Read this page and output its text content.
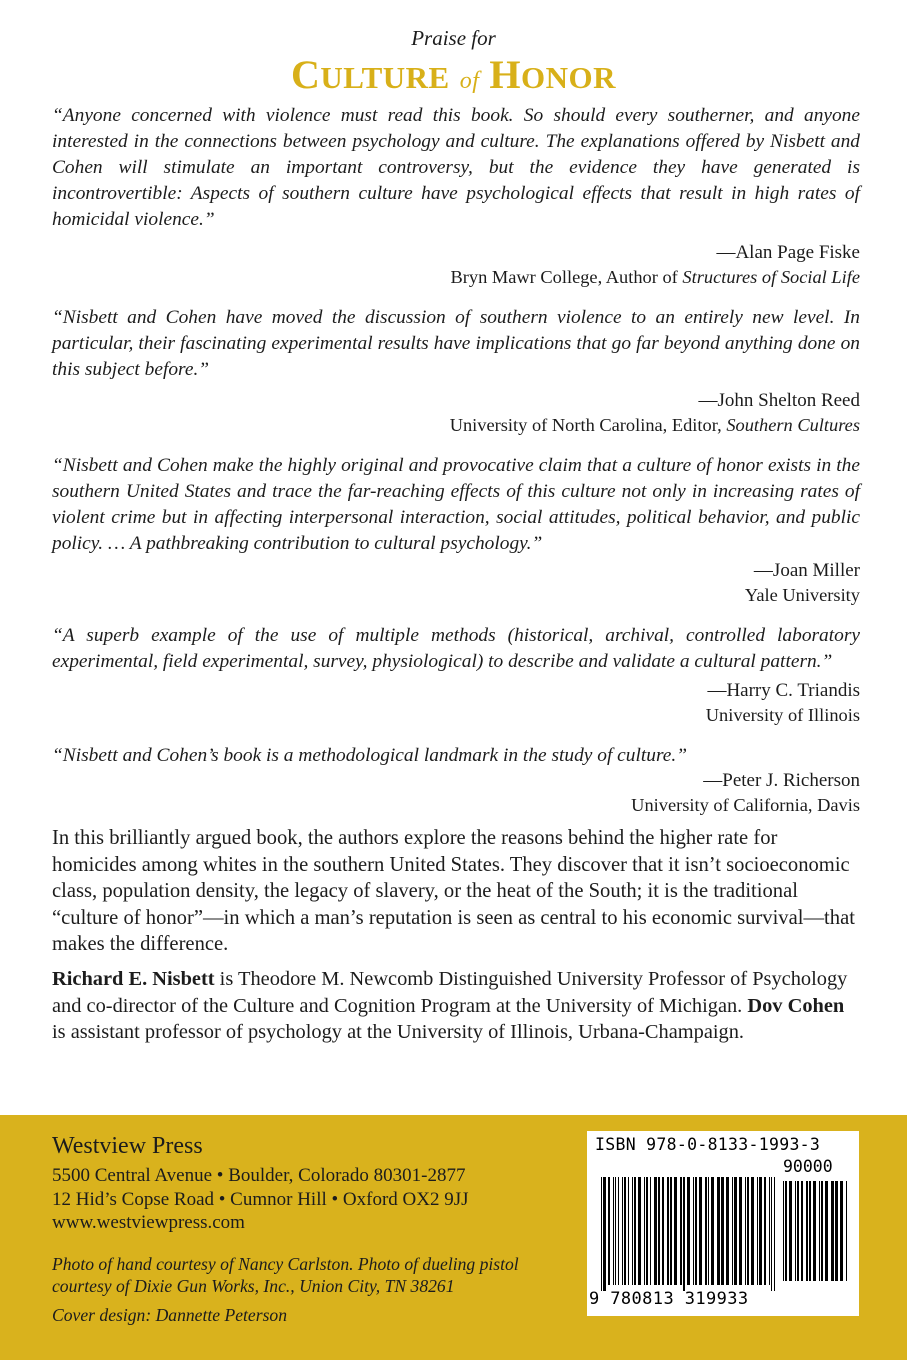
Praise for
CULTURE of HONOR
“Anyone concerned with violence must read this book. So should every southerner, and anyone interested in the connections between psychology and culture. The explanations offered by Nisbett and Cohen will stimulate an important controversy, but the evidence they have generated is incontrovertible: Aspects of southern culture have psychological effects that result in high rates of homicidal violence.”
—Alan Page Fiske
Bryn Mawr College, Author of Structures of Social Life
“Nisbett and Cohen have moved the discussion of southern violence to an entirely new level. In particular, their fascinating experimental results have implications that go far beyond anything done on this subject before.”
—John Shelton Reed
University of North Carolina, Editor, Southern Cultures
“Nisbett and Cohen make the highly original and provocative claim that a culture of honor exists in the southern United States and trace the far-reaching effects of this culture not only in increasing rates of violent crime but in affecting interpersonal interaction, social attitudes, political behavior, and public policy. … A pathbreaking contribution to cultural psychology.”
—Joan Miller
Yale University
“A superb example of the use of multiple methods (historical, archival, controlled laboratory experimental, field experimental, survey, physiological) to describe and validate a cultural pattern.”
—Harry C. Triandis
University of Illinois
“Nisbett and Cohen’s book is a methodological landmark in the study of culture.”
—Peter J. Richerson
University of California, Davis
In this brilliantly argued book, the authors explore the reasons behind the higher rate for homicides among whites in the southern United States. They discover that it isn’t socioeconomic class, population density, the legacy of slavery, or the heat of the South; it is the traditional “culture of honor”—in which a man’s reputation is seen as central to his economic survival—that makes the difference.
Richard E. Nisbett is Theodore M. Newcomb Distinguished University Professor of Psychology and co-director of the Culture and Cognition Program at the University of Michigan. Dov Cohen is assistant professor of psychology at the University of Illinois, Urbana-Champaign.
Westview Press
5500 Central Avenue • Boulder, Colorado 80301-2877
12 Hid’s Copse Road • Cumnor Hill • Oxford OX2 9JJ
www.westviewpress.com
Photo of hand courtesy of Nancy Carlston. Photo of dueling pistol
courtesy of Dixie Gun Works, Inc., Union City, TN 38261
Cover design: Dannette Peterson
ISBN 978-0-8133-1993-3
90000
9 780813 319933
